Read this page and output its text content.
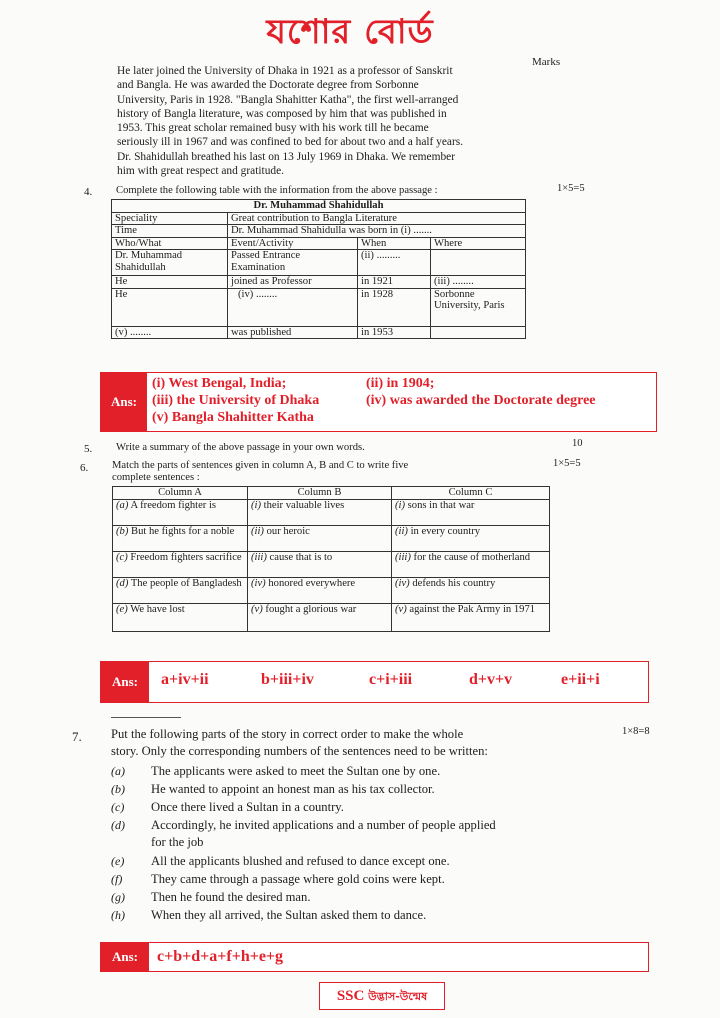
যশোর বোর্ড
Marks
He later joined the University of Dhaka in 1921 as a professor of Sanskrit
and Bangla. He was awarded the Doctorate degree from Sorbonne
University, Paris in 1928. "Bangla Shahitter Katha", the first well-arranged
history of Bangla literature, was composed by him that was published in
1953. This great scholar remained busy with his work till he became
seriously ill in 1967 and was confined to bed for about two and a half years.
Dr. Shahidullah breathed his last on 13 July 1969 in Dhaka. We remember
him with great respect and gratitude.
4. Complete the following table with the information from the above passage :	1×5=5
Dr. Muhammad Shahidullah			
Speciality	Great contribution to Bangla Literature		
Time	Dr. Muhammad Shahidulla was born in (i) .......		
Who/What	Event/Activity	When	Where
Dr. Muhammad Shahidullah	Passed Entrance Examination	(ii) .........	
He	joined as Professor	in 1921	(iii) ........
He	(iv) ........	in 1928	Sorbonne University, Paris
(v) ........	was published	in 1953	
Ans:
(i) West Bengal, India;	(ii) in 1904;
(iii) the University of Dhaka	(iv) was awarded the Doctorate degree
(v) Bangla Shahitter Katha
5. Write a summary of the above passage in your own words.	10
6. Match the parts of sentences given in column A, B and C to write five
complete sentences :
1×5=5
Column A	Column B	Column C
(a) A freedom fighter is	(i) their valuable lives	(i) sons in that war
(b) But he fights for a noble	(ii) our heroic	(ii) in every country
(c) Freedom fighters sacrifice	(iii) cause that is to	(iii) for the cause of motherland
(d) The people of Bangladesh	(iv) honored everywhere	(iv) defends his country
(e) We have lost	(v) fought a glorious war	(v) against the Pak Army in 1971
Ans:	a+iv+ii	b+iii+iv	c+i+iii	d+v+v	e+ii+i
7. Put the following parts of the story in correct order to make the whole
story. Only the corresponding numbers of the sentences need to be written:
1×8=8
(a) The applicants were asked to meet the Sultan one by one.
(b) He wanted to appoint an honest man as his tax collector.
(c) Once there lived a Sultan in a country.
(d) Accordingly, he invited applications and a number of people applied
for the job
(e) All the applicants blushed and refused to dance except one.
(f) They came through a passage where gold coins were kept.
(g) Then he found the desired man.
(h) When they all arrived, the Sultan asked them to dance.
Ans:	c+b+d+a+f+h+e+g
SSC উদ্ভাস-উন্মেষ
